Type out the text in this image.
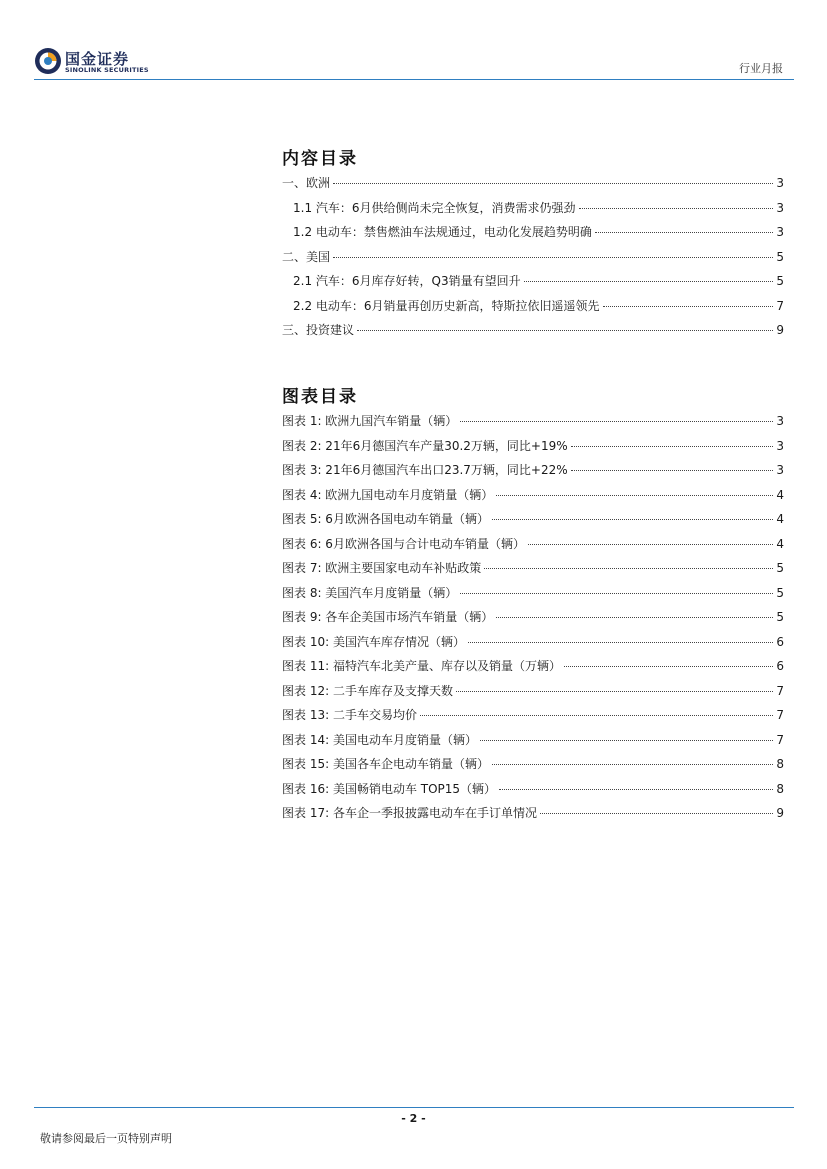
国金证券
SINOLINK SECURITIES	行业月报
内容目录
一、欧洲	3
1.1 汽车：6月供给侧尚未完全恢复，消费需求仍强劲	3
1.2 电动车：禁售燃油车法规通过，电动化发展趋势明确	3
二、美国	5
2.1 汽车：6月库存好转，Q3销量有望回升	5
2.2 电动车：6月销量再创历史新高，特斯拉依旧遥遥领先	7
三、投资建议	9
图表目录
图表 1: 欧洲九国汽车销量（辆）	3
图表 2: 21年6月德国汽车产量30.2万辆，同比+19%	3
图表 3: 21年6月德国汽车出口23.7万辆，同比+22%	3
图表 4: 欧洲九国电动车月度销量（辆）	4
图表 5: 6月欧洲各国电动车销量（辆）	4
图表 6: 6月欧洲各国与合计电动车销量（辆）	4
图表 7: 欧洲主要国家电动车补贴政策	5
图表 8: 美国汽车月度销量（辆）	5
图表 9: 各车企美国市场汽车销量（辆）	5
图表 10: 美国汽车库存情况（辆）	6
图表 11: 福特汽车北美产量、库存以及销量（万辆）	6
图表 12: 二手车库存及支撑天数	7
图表 13: 二手车交易均价	7
图表 14: 美国电动车月度销量（辆）	7
图表 15: 美国各车企电动车销量（辆）	8
图表 16: 美国畅销电动车 TOP15（辆）	8
图表 17: 各车企一季报披露电动车在手订单情况	9
- 2 -
敬请参阅最后一页特别声明
